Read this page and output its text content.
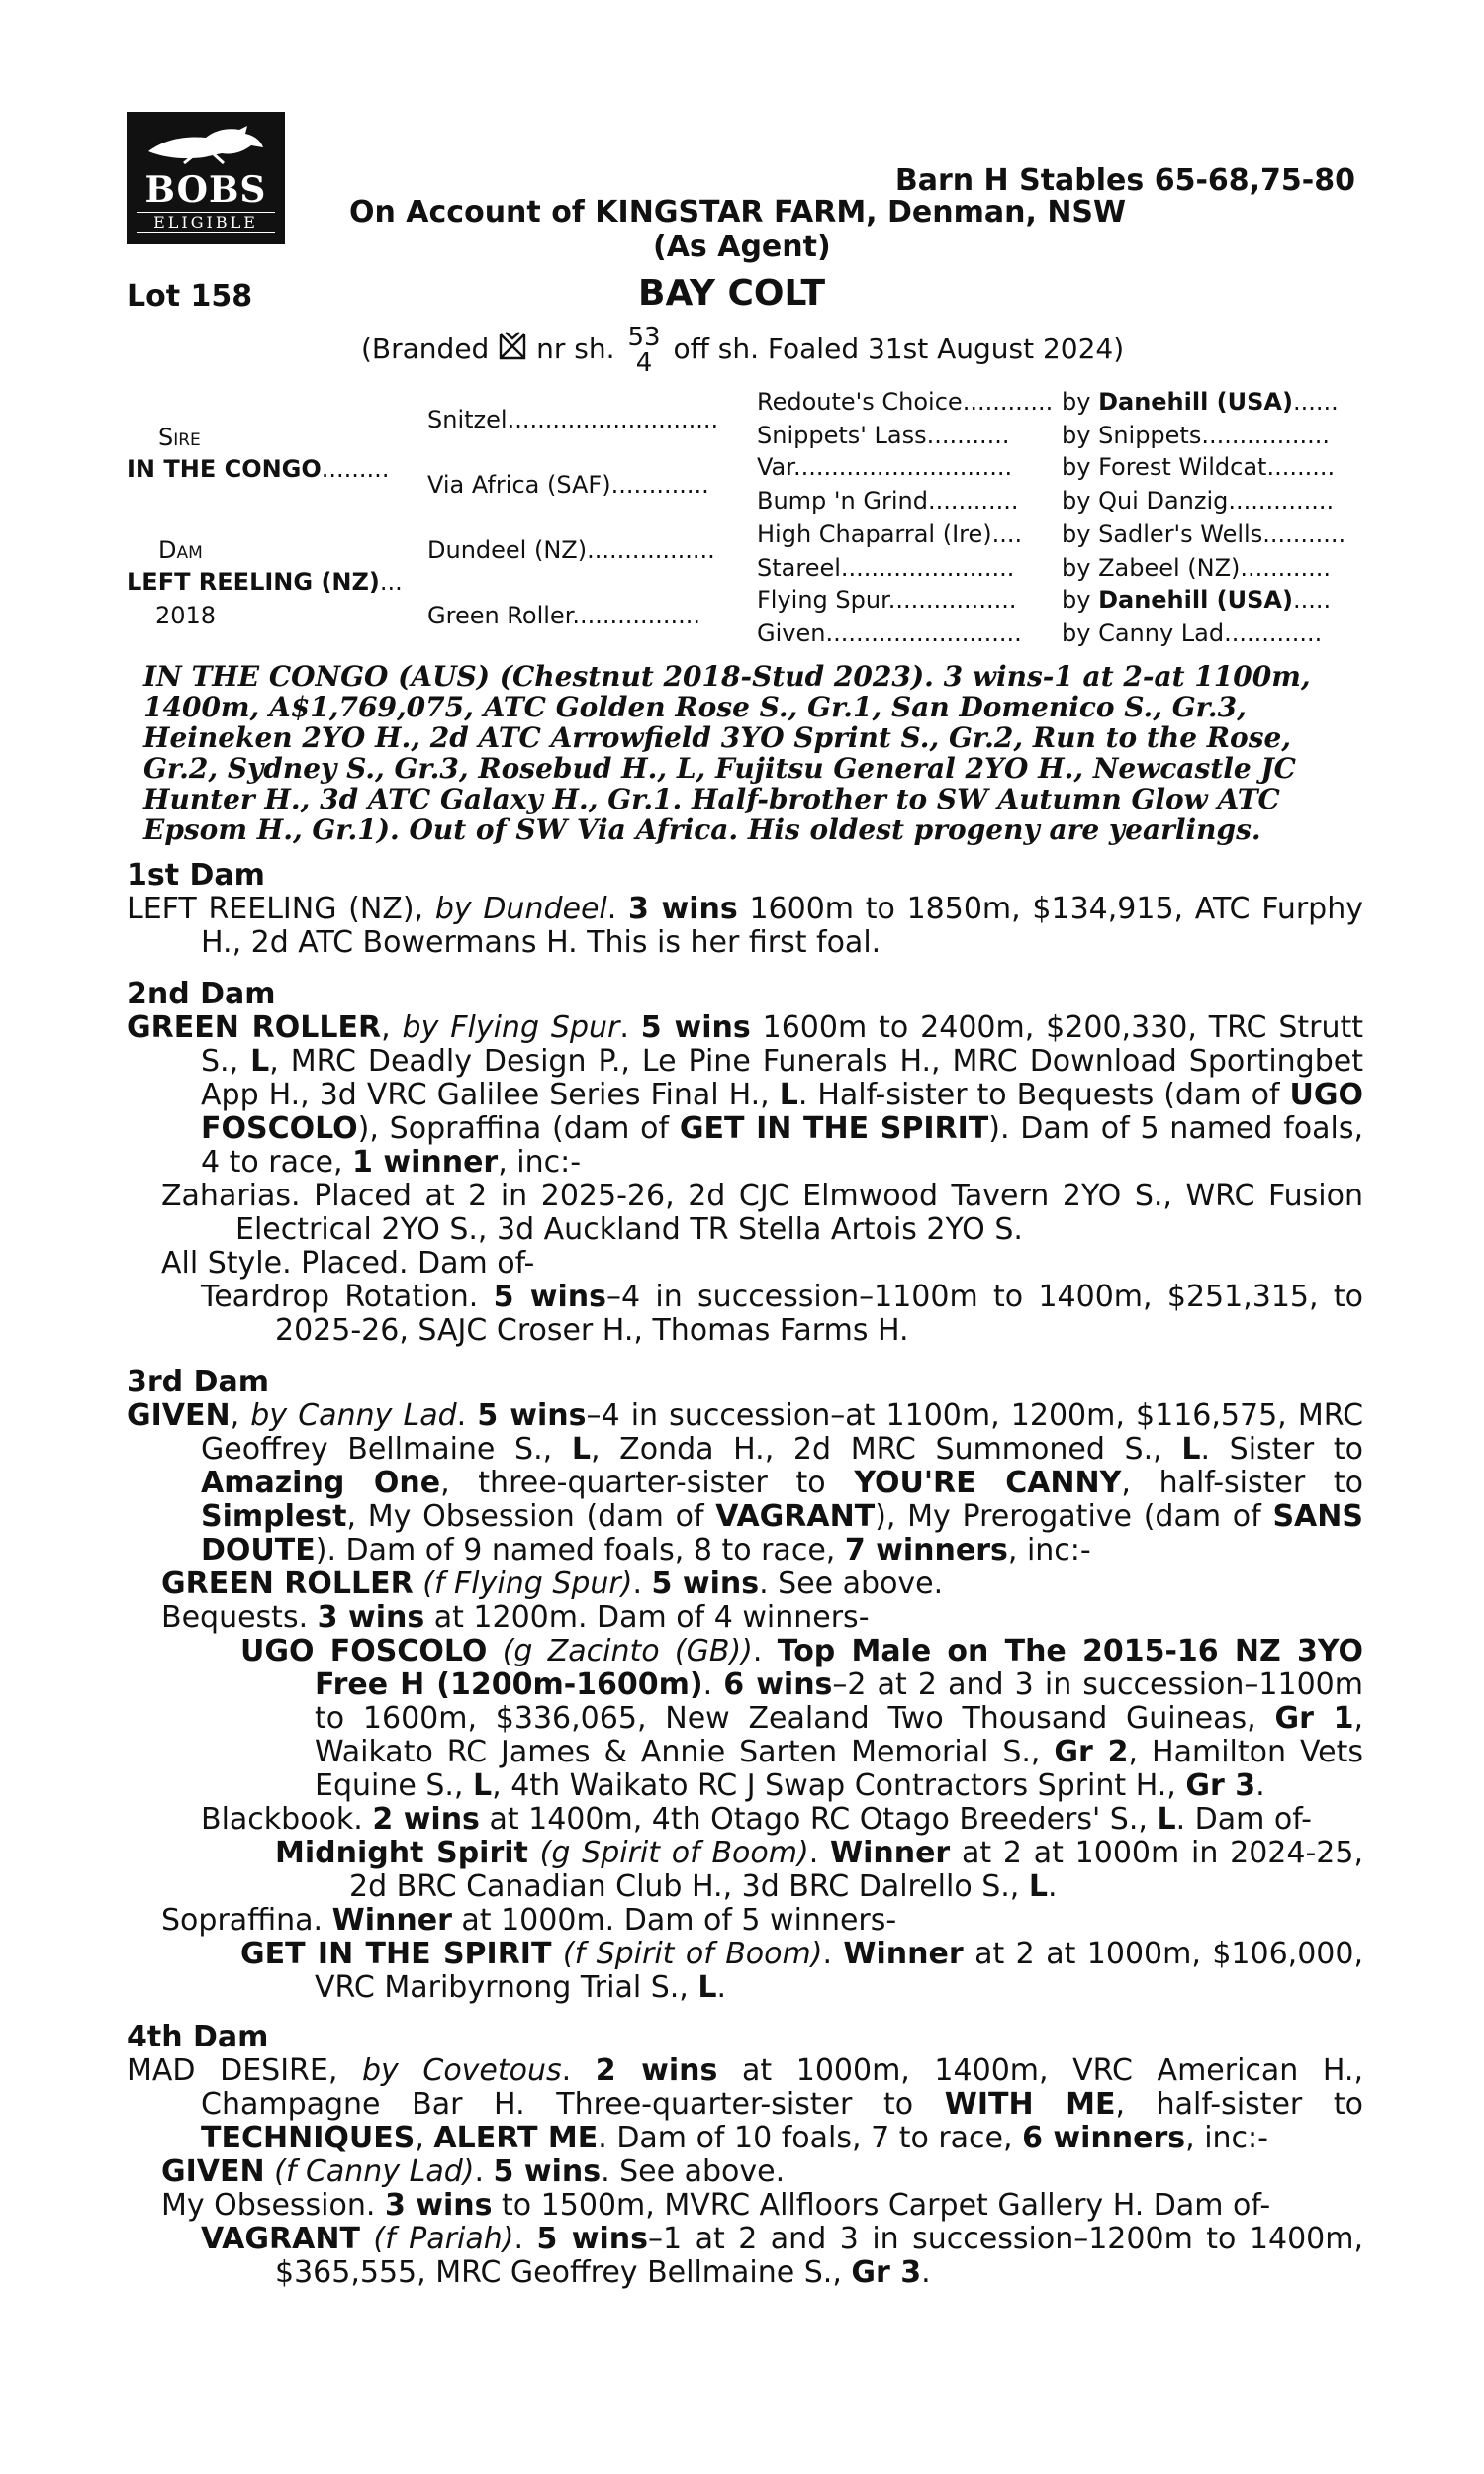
BOBS
ELIGIBLE
Barn H Stables 65-68,75-80
On Account of KINGSTAR FARM, Denman, NSW
(As Agent)
Lot 158	BAY COLT
(Branded nr sh. 53
4 off sh. Foaled 31st August 2024)
Sire
IN THE CONGO.........
Dam
LEFT REELING (NZ)...
2018
Snitzel............................
Via Africa (SAF).............
Dundeel (NZ).................
Green Roller.................
Redoute's Choice............ by Danehill (USA)......
Snippets' Lass........... by Snippets.................
Var............................. by Forest Wildcat.........
Bump 'n Grind............ by Qui Danzig..............
High Chaparral (Ire).... by Sadler's Wells...........
Stareel....................... by Zabeel (NZ)............
Flying Spur................. by Danehill (USA).....
Given.......................... by Canny Lad.............
IN THE CONGO (AUS) (Chestnut 2018-Stud 2023). 3 wins-1 at 2-at 1100m, 1400m, A$1,769,075, ATC Golden Rose S., Gr.1, San Domenico S., Gr.3, Heineken 2YO H., 2d ATC Arrowfield 3YO Sprint S., Gr.2, Run to the Rose, Gr.2, Sydney S., Gr.3, Rosebud H., L, Fujitsu General 2YO H., Newcastle JC Hunter H., 3d ATC Galaxy H., Gr.1. Half-brother to SW Autumn Glow ATC Epsom H., Gr.1). Out of SW Via Africa. His oldest progeny are yearlings.
1st Dam

LEFT REELING (NZ), by Dundeel. 3 wins 1600m to 1850m, $134,915, ATC Furphy H., 2d ATC Bowermans H. This is her first foal.

2nd Dam

GREEN ROLLER, by Flying Spur. 5 wins 1600m to 2400m, $200,330, TRC Strutt S., L, MRC Deadly Design P., Le Pine Funerals H., MRC Download Sportingbet App H., 3d VRC Galilee Series Final H., L. Half-sister to Bequests (dam of UGO FOSCOLO), Sopraffina (dam of GET IN THE SPIRIT). Dam of 5 named foals, 4 to race, 1 winner, inc:-

Zaharias. Placed at 2 in 2025-26, 2d CJC Elmwood Tavern 2YO S., WRC Fusion Electrical 2YO S., 3d Auckland TR Stella Artois 2YO S.

All Style. Placed. Dam of-

Teardrop Rotation. 5 wins–4 in succession–1100m to 1400m, $251,315, to 2025-26, SAJC Croser H., Thomas Farms H.

3rd Dam

GIVEN, by Canny Lad. 5 wins–4 in succession–at 1100m, 1200m, $116,575, MRC Geoffrey Bellmaine S., L, Zonda H., 2d MRC Summoned S., L. Sister to Amazing One, three-quarter-sister to YOU'RE CANNY, half-sister to Simplest, My Obsession (dam of VAGRANT), My Prerogative (dam of SANS DOUTE). Dam of 9 named foals, 8 to race, 7 winners, inc:-

GREEN ROLLER (f Flying Spur). 5 wins. See above.

Bequests. 3 wins at 1200m. Dam of 4 winners-

UGO FOSCOLO (g Zacinto (GB)). Top Male on The 2015-16 NZ 3YO Free H (1200m-1600m). 6 wins–2 at 2 and 3 in succession–1100m to 1600m, $336,065, New Zealand Two Thousand Guineas, Gr 1, Waikato RC James & Annie Sarten Memorial S., Gr 2, Hamilton Vets Equine S., L, 4th Waikato RC J Swap Contractors Sprint H., Gr 3.

Blackbook. 2 wins at 1400m, 4th Otago RC Otago Breeders' S., L. Dam of-

Midnight Spirit (g Spirit of Boom). Winner at 2 at 1000m in 2024-25, 2d BRC Canadian Club H., 3d BRC Dalrello S., L.

Sopraffina. Winner at 1000m. Dam of 5 winners-

GET IN THE SPIRIT (f Spirit of Boom). Winner at 2 at 1000m, $106,000, VRC Maribyrnong Trial S., L.

4th Dam

MAD DESIRE, by Covetous. 2 wins at 1000m, 1400m, VRC American H., Champagne Bar H. Three-quarter-sister to WITH ME, half-sister to TECHNIQUES, ALERT ME. Dam of 10 foals, 7 to race, 6 winners, inc:-

GIVEN (f Canny Lad). 5 wins. See above.

My Obsession. 3 wins to 1500m, MVRC Allfloors Carpet Gallery H. Dam of-

VAGRANT (f Pariah). 5 wins–1 at 2 and 3 in succession–1200m to 1400m, $365,555, MRC Geoffrey Bellmaine S., Gr 3.
